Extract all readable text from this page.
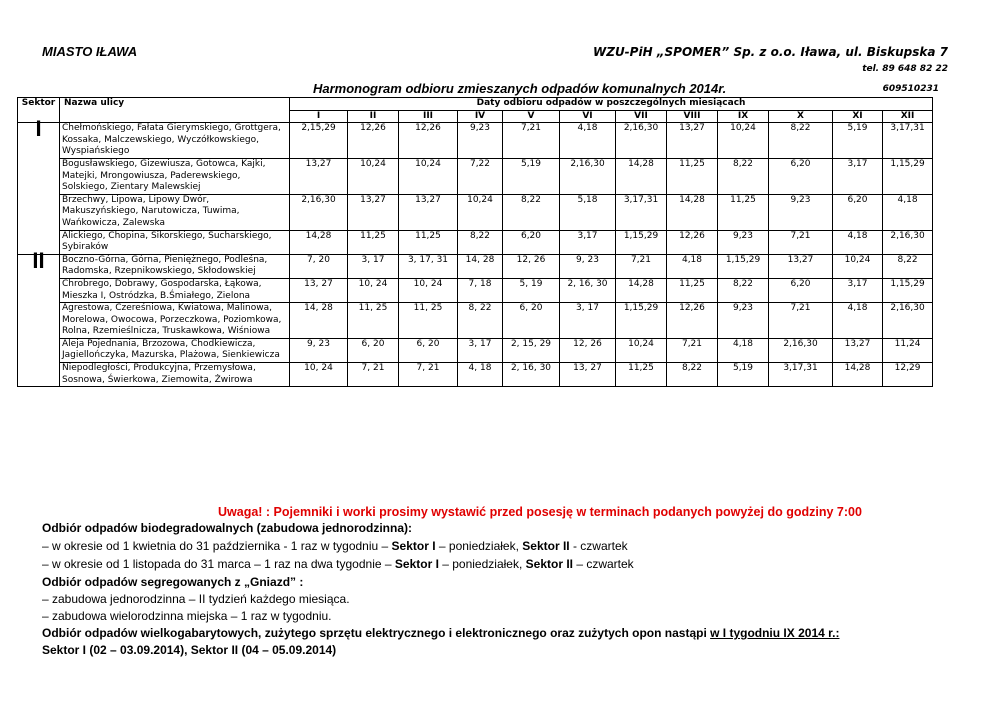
MIASTO IŁAWA	WZU-PiH „SPOMER” Sp. z o.o. Iława, ul. Biskupska 7
tel. 89 648 82 22
Harmonogram odbioru zmieszanych odpadów komunalnych 2014r.	609510231
Sektor	Nazwa ulicy	Daty odbioru odpadów w poszczególnych miesiącach											
		I	II	III	IV	V	VI	VII	VIII	IX	X	XI	XII
I	Chełmońskiego, Fałata Gierymskiego, Grottgera, Kossaka, Malczewskiego, Wyczółkowskiego, Wyspiańskiego	2,15,29	12,26	12,26	9,23	7,21	4,18	2,16,30	13,27	10,24	8,22	5,19	3,17,31
	Bogusławskiego, Gizewiusza, Gotowca, Kajki, Matejki, Mrongowiusza, Paderewskiego, Solskiego, Zientary Malewskiej	13,27	10,24	10,24	7,22	5,19	2,16,30	14,28	11,25	8,22	6,20	3,17	1,15,29
	Brzechwy, Lipowa, Lipowy Dwór, Makuszyńskiego, Narutowicza, Tuwima, Wańkowicza, Zalewska	2,16,30	13,27	13,27	10,24	8,22	5,18	3,17,31	14,28	11,25	9,23	6,20	4,18
	Alickiego, Chopina, Sikorskiego, Sucharskiego, Sybiraków	14,28	11,25	11,25	8,22	6,20	3,17	1,15,29	12,26	9,23	7,21	4,18	2,16,30
II	Boczno-Górna, Górna, Pieniężnego, Podleśna, Radomska, Rzepnikowskiego, Skłodowskiej	7, 20	3, 17	3, 17, 31	14, 28	12, 26	9, 23	7,21	4,18	1,15,29	13,27	10,24	8,22
	Chrobrego, Dobrawy, Gospodarska, Łąkowa, Mieszka I, Ostródzka, B.Śmiałego, Zielona	13, 27	10, 24	10, 24	7, 18	5, 19	2, 16, 30	14,28	11,25	8,22	6,20	3,17	1,15,29
	Agrestowa, Czereśniowa, Kwiatowa, Malinowa, Morelowa, Owocowa, Porzeczkowa, Poziomkowa, Rolna, Rzemieślnicza, Truskawkowa, Wiśniowa	14, 28	11, 25	11, 25	8, 22	6, 20	3, 17	1,15,29	12,26	9,23	7,21	4,18	2,16,30
	Aleja Pojednania, Brzozowa, Chodkiewicza, Jagiellończyka, Mazurska, Plażowa, Sienkiewicza	9, 23	6, 20	6, 20	3, 17	2, 15, 29	12, 26	10,24	7,21	4,18	2,16,30	13,27	11,24
	Niepodległości, Produkcyjna, Przemysłowa, Sosnowa, Świerkowa, Ziemowita, Żwirowa	10, 24	7, 21	7, 21	4, 18	2, 16, 30	13, 27	11,25	8,22	5,19	3,17,31	14,28	12,29
Uwaga! : Pojemniki i worki prosimy wystawić przed posesję w terminach podanych powyżej do godziny 7:00
Odbiór odpadów biodegradowalnych (zabudowa jednorodzinna):
– w okresie od 1 kwietnia do 31 października - 1 raz w tygodniu – Sektor I – poniedziałek, Sektor II - czwartek
– w okresie od 1 listopada do 31 marca – 1 raz na dwa tygodnie – Sektor I – poniedziałek, Sektor II – czwartek
Odbiór odpadów segregowanych z „Gniazd” :
– zabudowa jednorodzinna – II tydzień każdego miesiąca.
– zabudowa wielorodzinna miejska – 1 raz w tygodniu.
Odbiór odpadów wielkogabarytowych, zużytego sprzętu elektrycznego i elektronicznego oraz zużytych opon nastąpi w I tygodniu IX 2014 r.:
Sektor I (02 – 03.09.2014), Sektor II (04 – 05.09.2014)
